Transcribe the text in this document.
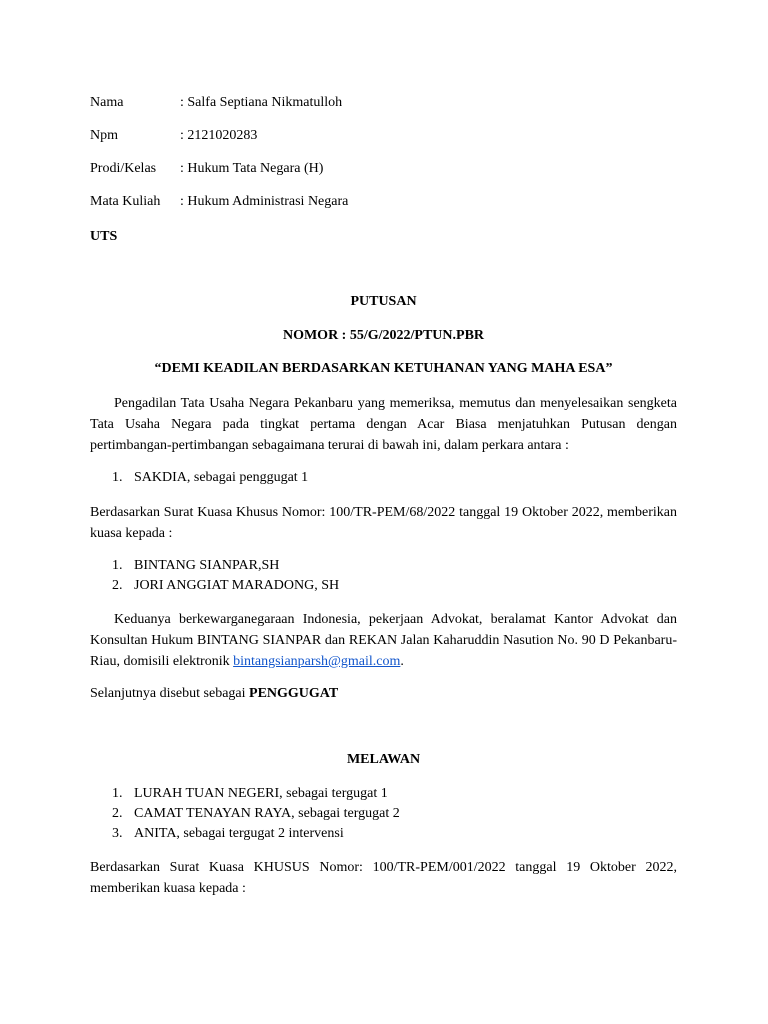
Nama	: Salfa Septiana Nikmatulloh
Npm	: 2121020283
Prodi/Kelas	: Hukum Tata Negara (H)
Mata Kuliah	: Hukum Administrasi Negara
UTS
PUTUSAN
NOMOR : 55/G/2022/PTUN.PBR
“DEMI KEADILAN BERDASARKAN KETUHANAN YANG MAHA ESA”
Pengadilan Tata Usaha Negara Pekanbaru yang memeriksa, memutus dan menyelesaikan sengketa Tata Usaha Negara pada tingkat pertama dengan Acar Biasa menjatuhkan Putusan dengan pertimbangan-pertimbangan sebagaimana terurai di bawah ini, dalam perkara antara :
1. SAKDIA, sebagai penggugat 1
Berdasarkan Surat Kuasa Khusus Nomor: 100/TR-PEM/68/2022 tanggal 19 Oktober 2022, memberikan kuasa kepada :
1. BINTANG SIANPAR,SH
2. JORI ANGGIAT MARADONG, SH
Keduanya berkewarganegaraan Indonesia, pekerjaan Advokat, beralamat Kantor Advokat dan Konsultan Hukum BINTANG SIANPAR dan REKAN Jalan Kaharuddin Nasution No. 90 D Pekanbaru-Riau, domisili elektronik bintangsianparsh@gmail.com.
Selanjutnya disebut sebagai PENGGUGAT
MELAWAN
1. LURAH TUAN NEGERI, sebagai tergugat 1
2. CAMAT TENAYAN RAYA, sebagai tergugat 2
3. ANITA, sebagai tergugat 2 intervensi
Berdasarkan Surat Kuasa KHUSUS Nomor: 100/TR-PEM/001/2022 tanggal 19 Oktober 2022, memberikan kuasa kepada :
